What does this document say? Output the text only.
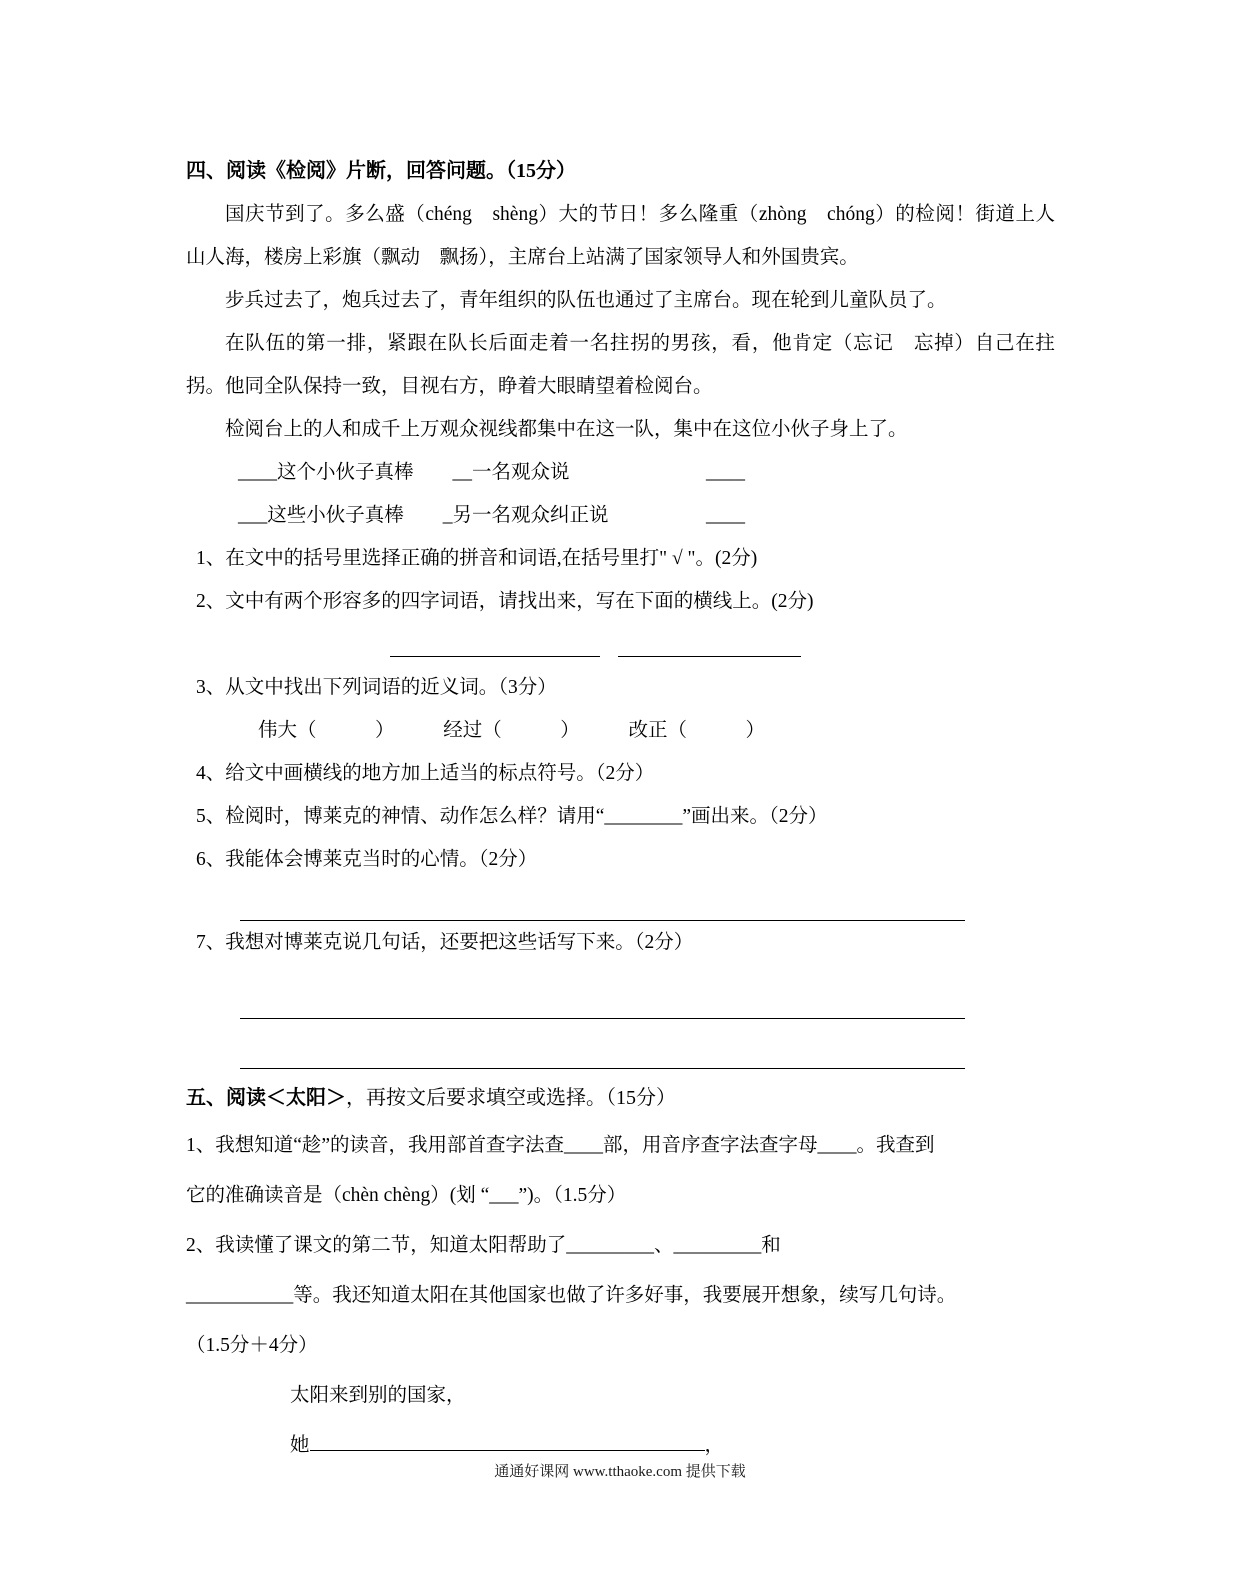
四、阅读《检阅》片断，回答问题。（15分）

国庆节到了。多么盛（chéng　shèng）大的节日！多么隆重（zhòng　chóng）的检阅！街道上人山人海，楼房上彩旗（飘动　飘扬），主席台上站满了国家领导人和外国贵宾。

步兵过去了，炮兵过去了，青年组织的队伍也通过了主席台。现在轮到儿童队员了。

在队伍的第一排，紧跟在队长后面走着一名拄拐的男孩，看，他肯定（忘记　忘掉）自己在拄拐。他同全队保持一致，目视右方，睁着大眼睛望着检阅台。

检阅台上的人和成千上万观众视线都集中在这一队，集中在这位小伙子身上了。

____这个小伙子真棒　　__一名观众说　　　　　　　____

___这些小伙子真棒　　_另一名观众纠正说　　　　　____

1、在文中的括号里选择正确的拼音和词语,在括号里打" √ "。(2分)

2、文中有两个形容多的四字词语，请找出来，写在下面的横线上。(2分)

3、从文中找出下列词语的近义词。（3分）

伟大（　　　）　　　经过（　　　）　　　改正（　　　）

4、给文中画横线的地方加上适当的标点符号。（2分）

5、检阅时，博莱克的神情、动作怎么样？请用“________”画出来。（2分）

6、我能体会博莱克当时的心情。（2分）

7、我想对博莱克说几句话，还要把这些话写下来。（2分）

五、阅读＜太阳＞，再按文后要求填空或选择。（15分）

1、我想知道“趁”的读音，我用部首查字法查____部，用音序查字法查字母____。我查到

它的准确读音是（chèn chèng）(划 “___”)。（1.5分）

2、我读懂了课文的第二节，知道太阳帮助了_________、_________和

___________等。我还知道太阳在其他国家也做了许多好事，我要展开想象，续写几句诗。

（1.5分＋4分）

太阳来到别的国家，

她	，

通通好课网 www.tthaoke.com 提供下载
